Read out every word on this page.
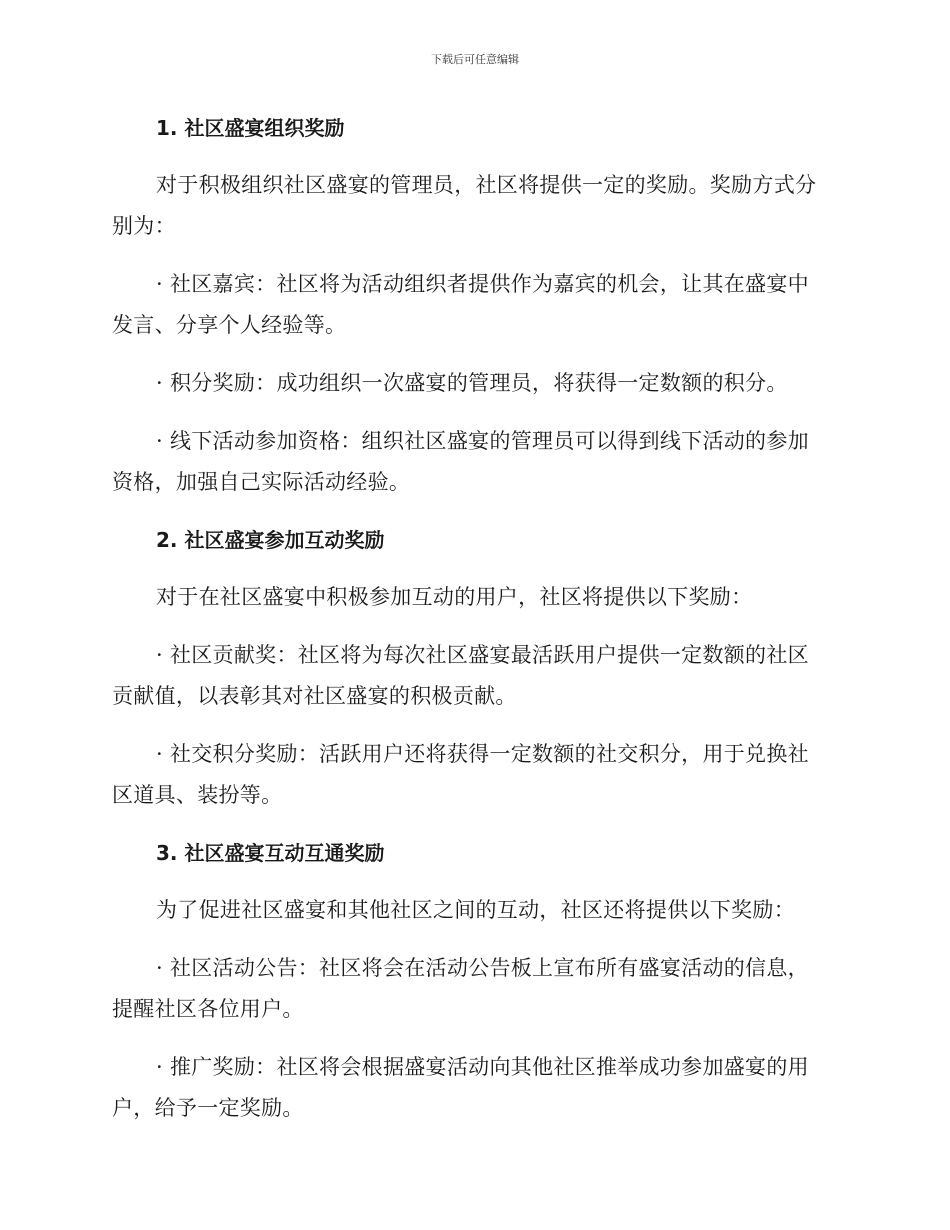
下载后可任意编辑
1. 社区盛宴组织奖励

对于积极组织社区盛宴的管理员，社区将提供一定的奖励。奖励方式分别为：

· 社区嘉宾：社区将为活动组织者提供作为嘉宾的机会，让其在盛宴中发言、分享个人经验等。

· 积分奖励：成功组织一次盛宴的管理员，将获得一定数额的积分。

· 线下活动参加资格：组织社区盛宴的管理员可以得到线下活动的参加资格，加强自己实际活动经验。

2. 社区盛宴参加互动奖励

对于在社区盛宴中积极参加互动的用户，社区将提供以下奖励：

· 社区贡献奖：社区将为每次社区盛宴最活跃用户提供一定数额的社区贡献值，以表彰其对社区盛宴的积极贡献。

· 社交积分奖励：活跃用户还将获得一定数额的社交积分，用于兑换社区道具、装扮等。

3. 社区盛宴互动互通奖励

为了促进社区盛宴和其他社区之间的互动，社区还将提供以下奖励：

· 社区活动公告：社区将会在活动公告板上宣布所有盛宴活动的信息，提醒社区各位用户。

· 推广奖励：社区将会根据盛宴活动向其他社区推举成功参加盛宴的用户，给予一定奖励。
